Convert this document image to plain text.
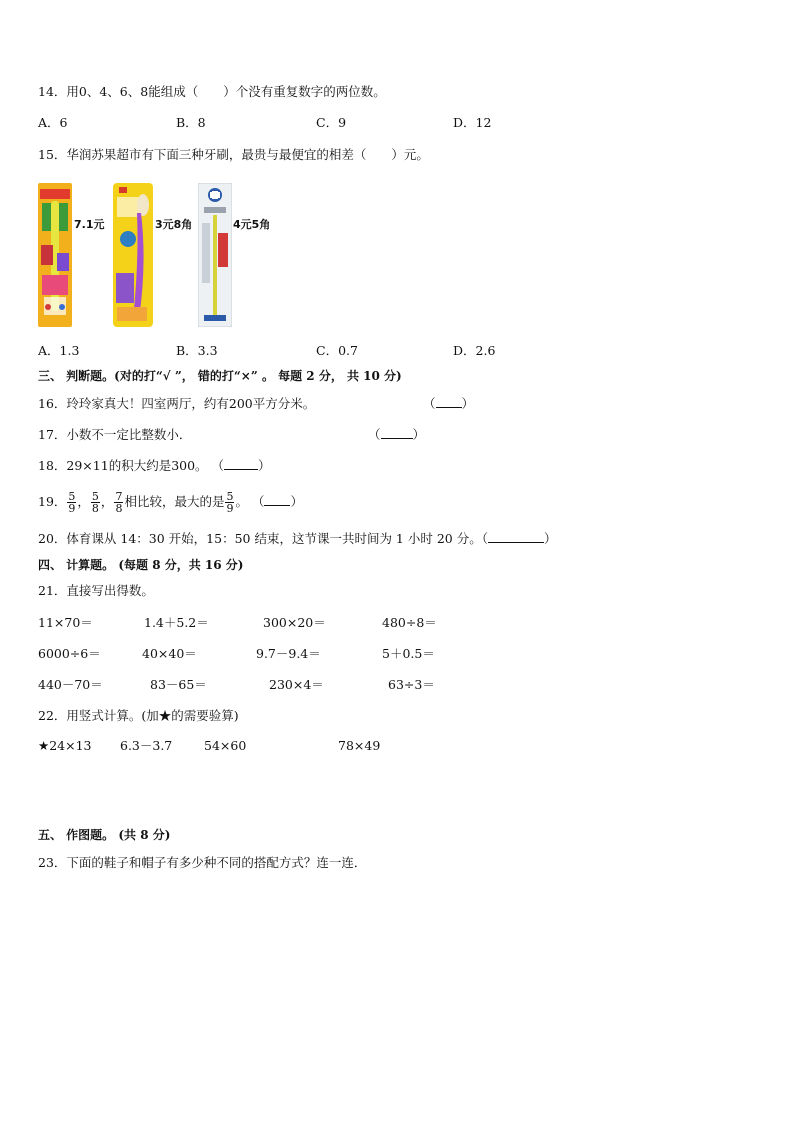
14．用0、4、6、8能组成（　　）个没有重复数字的两位数。
A．6	B．8	C．9	D．12
15．华润苏果超市有下面三种牙刷，最贵与最便宜的相差（　　）元。
7.1元	3元8角	4元5角
A．1.3	B．3.3	C．0.7	D．2.6
三、 判断题。(对的打“√ ”， 错的打“×” 。 每题 2 分， 共 10 分)
16．玲玲家真大！四室两厅，约有200平方分米。	（ ）
17．小数不一定比整数小．	（	）
18．29×11的积大约是300。 （	）
19． $\frac{5}{9}$ ， $\frac{5}{8}$ ， $\frac{7}{8}$ 相比较，最大的是 $\frac{5}{9}$ 。 （ ）
20．体育课从 14：30 开始，15：50 结束，这节课一共时间为 1 小时 20 分。（	）
四、 计算题。 (每题 8 分，共 16 分)
21．直接写出得数。
11×70＝	1.4＋5.2＝	300×20＝	480÷8＝
6000÷6＝	40×40＝	9.7－9.4＝	5＋0.5＝
440－70＝	83－65＝	230×4＝	63÷3＝
22．用竖式计算。(加★的需要验算)
★24×13 6.3－3.7	54×60	78×49
五、 作图题。 (共 8 分)
23．下面的鞋子和帽子有多少种不同的搭配方式？连一连．
